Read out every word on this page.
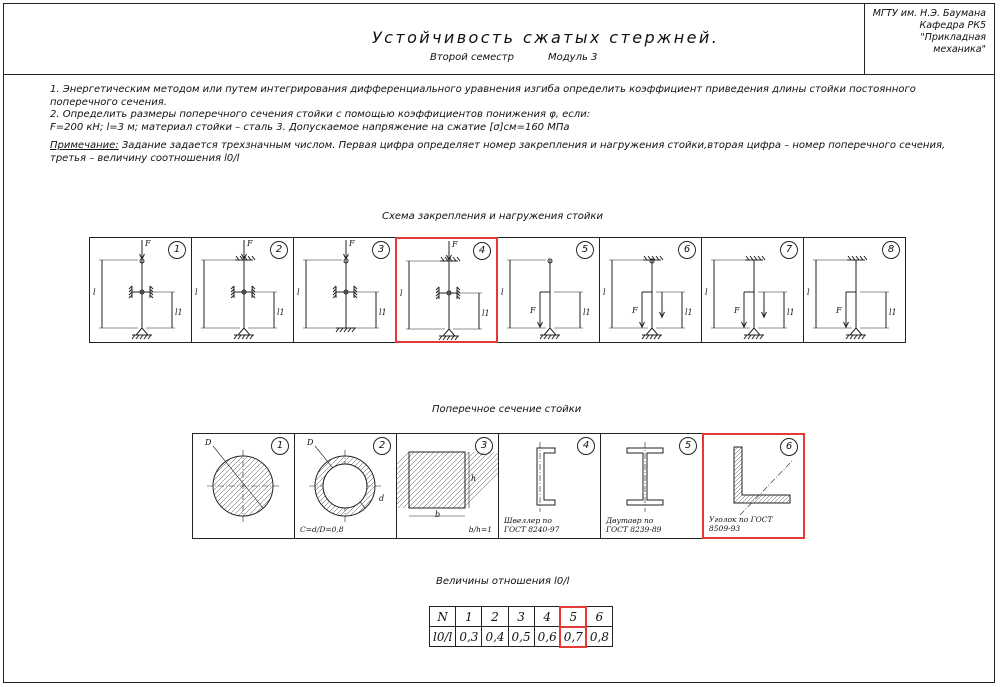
Устойчивость сжатых стержней.
Второй семестр	Модуль 3
МГТУ им. Н.Э. Баумана
Кафедра РК5
"Прикладная механика"

1. Энергетическим методом или путем интегрирования дифференциального уравнения изгиба определить коэффициент приведения длины стойки постоянного поперечного сечения.

2. Определить размеры поперечного сечения стойки с помощью коэффициентов понижения φ, если:

F=200 кН; l=3 м; материал стойки – сталь 3. Допускаемое напряжение на сжатие [σ]см=160 МПа

Примечание: Задание задается трехзначным числом. Первая цифра определяет номер закрепления и нагружения стойки,вторая цифра – номер поперечного сечения, третья – величину соотношения l0/l

Схема закрепления и нагружения стойки
1
F
l
l1
2
F
l
l1
3
F
l
l1
4
F
l
l1
5
F
l
l1
6
F
l
l1
7
F
l
l1
8
F
l
l1
Поперечное сечение стойки
D	1	D
d
2
C=d/D=0,8
h
b
3
b/h=1
4
Швеллер по ГОСТ 8240-97
5
Двутавр по ГОСТ 8239-89
6
Уголок по ГОСТ 8509-93
Величины отношения l0/l
N	1	2	3	4	5	6
l0/l	0,3	0,4	0,5	0,6	0,7	0,8
